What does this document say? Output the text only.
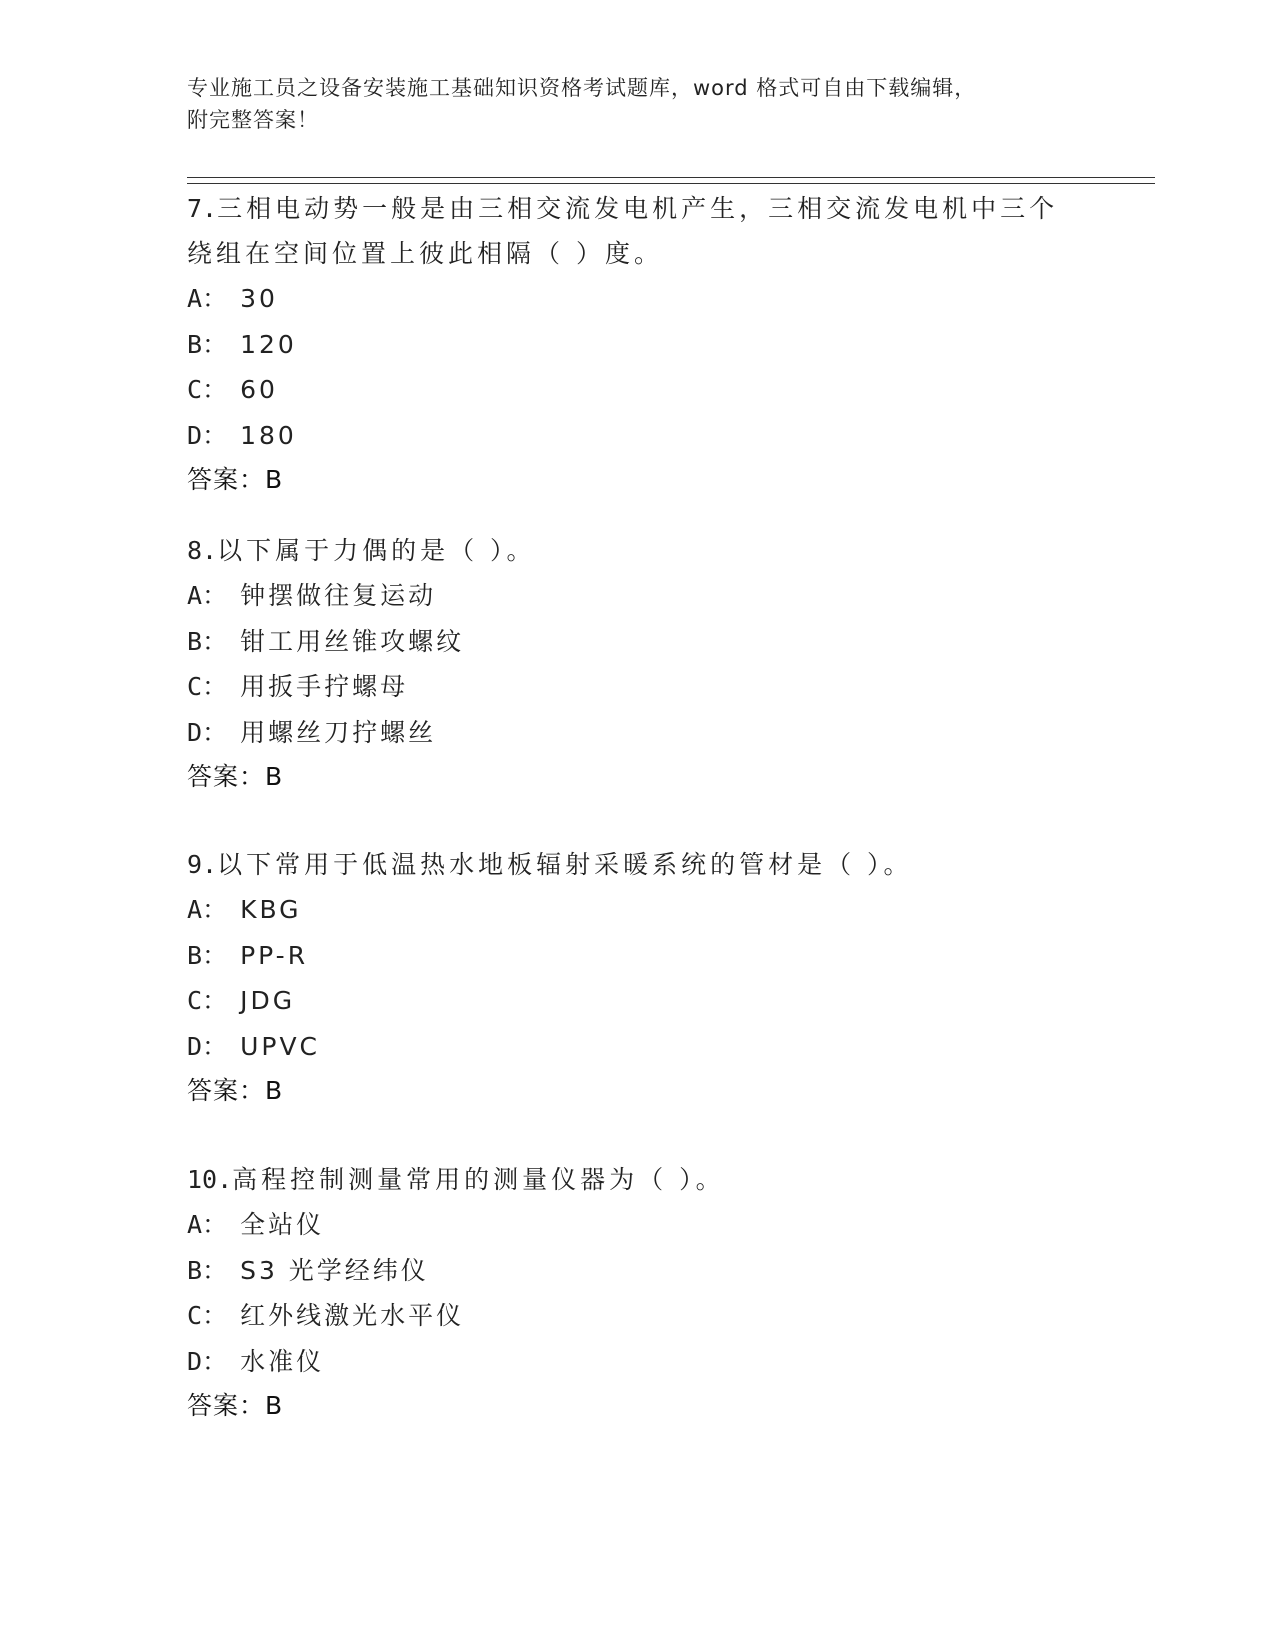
专业施工员之设备安装施工基础知识资格考试题库，word 格式可自由下载编辑，
附完整答案！

7.三相电动势一般是由三相交流发电机产生，三相交流发电机中三个

绕组在空间位置上彼此相隔（ ）度。

A： 30
B： 120
C： 60
D： 180

答案：B

8.以下属于力偶的是（ ）。

A： 钟摆做往复运动
B： 钳工用丝锥攻螺纹
C： 用扳手拧螺母
D： 用螺丝刀拧螺丝

答案：B

9.以下常用于低温热水地板辐射采暖系统的管材是（ ）。

A： KBG
B： PP-R
C： JDG
D： UPVC

答案：B

10.高程控制测量常用的测量仪器为（ ）。

A： 全站仪
B： S3 光学经纬仪
C： 红外线激光水平仪
D： 水准仪

答案：B
